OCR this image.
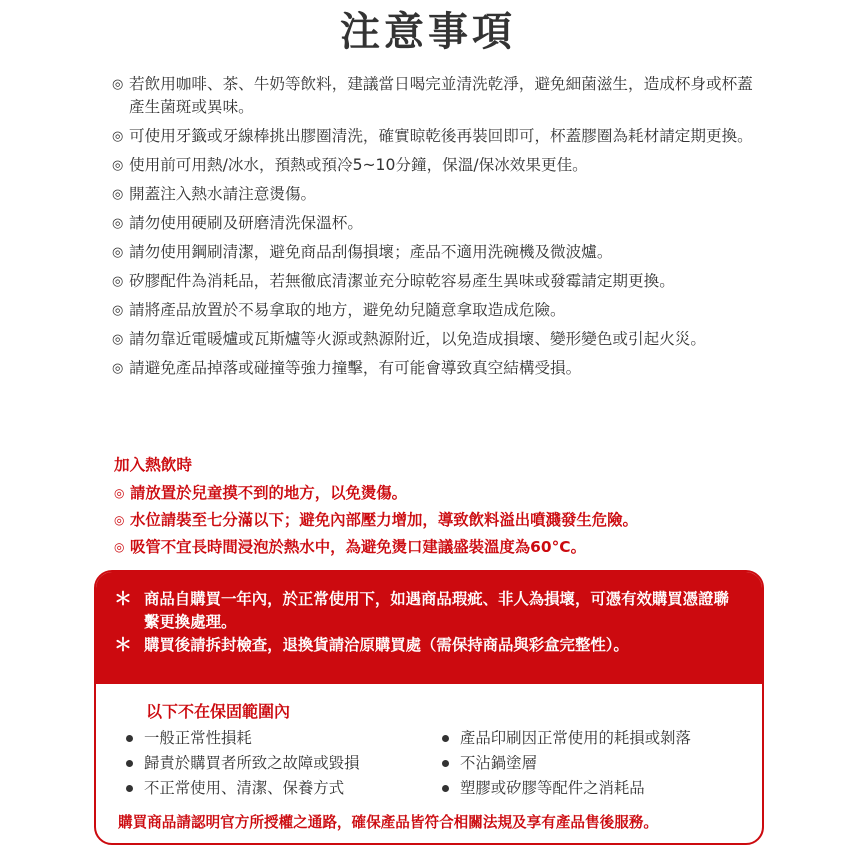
注意事項
◎ 若飲用咖啡、茶、牛奶等飲料，建議當日喝完並清洗乾淨，避免細菌滋生，造成杯身或杯蓋產生菌斑或異味。
◎ 可使用牙籤或牙線棒挑出膠圈清洗，確實晾乾後再裝回即可，杯蓋膠圈為耗材請定期更換。
◎ 使用前可用熱/冰水，預熱或預冷5~10分鐘，保溫/保冰效果更佳。
◎ 開蓋注入熱水請注意燙傷。
◎ 請勿使用硬刷及研磨清洗保溫杯。
◎ 請勿使用鋼刷清潔，避免商品刮傷損壞；產品不適用洗碗機及微波爐。
◎ 矽膠配件為消耗品，若無徹底清潔並充分晾乾容易產生異味或發霉請定期更換。
◎ 請將產品放置於不易拿取的地方，避免幼兒隨意拿取造成危險。
◎ 請勿靠近電暖爐或瓦斯爐等火源或熱源附近，以免造成損壞、變形變色或引起火災。
◎ 請避免產品掉落或碰撞等強力撞擊，有可能會導致真空結構受損。
加入熱飲時
◎ 請放置於兒童摸不到的地方，以免燙傷。
◎ 水位請裝至七分滿以下；避免內部壓力增加，導致飲料溢出噴濺發生危險。
◎ 吸管不宜長時間浸泡於熱水中，為避免燙口建議盛裝溫度為60°C。
＊ 商品自購買一年內，於正常使用下，如遇商品瑕疵、非人為損壞，可憑有效購買憑證聯繫更換處理。
＊ 購買後請拆封檢查，退換貨請洽原購買處（需保持商品與彩盒完整性）。
以下不在保固範圍內
一般正常性損耗
歸責於購買者所致之故障或毀損
不正常使用、清潔、保養方式
產品印刷因正常使用的耗損或剝落
不沾鍋塗層
塑膠或矽膠等配件之消耗品
購買商品請認明官方所授權之通路，確保產品皆符合相關法規及享有產品售後服務。
